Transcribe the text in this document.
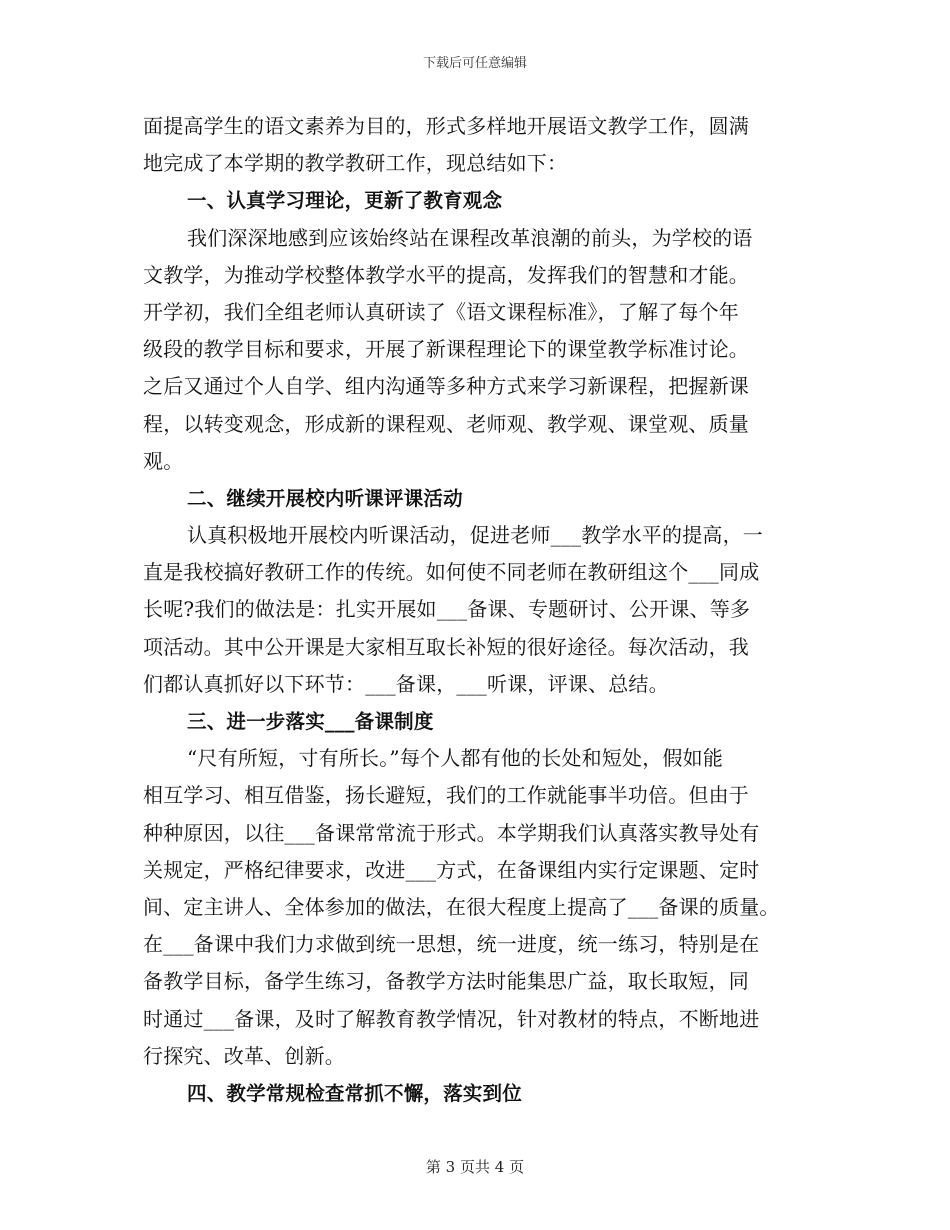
下载后可任意编辑
面提高学生的语文素养为目的，形式多样地开展语文教学工作，圆满
地完成了本学期的教学教研工作，现总结如下：
一、认真学习理论，更新了教育观念
我们深深地感到应该始终站在课程改革浪潮的前头，为学校的语
文教学，为推动学校整体教学水平的提高，发挥我们的智慧和才能。
开学初，我们全组老师认真研读了《语文课程标准》，了解了每个年
级段的教学目标和要求，开展了新课程理论下的课堂教学标准讨论。
之后又通过个人自学、组内沟通等多种方式来学习新课程，把握新课
程，以转变观念，形成新的课程观、老师观、教学观、课堂观、质量
观。
二、继续开展校内听课评课活动
认真积极地开展校内听课活动，促进老师___教学水平的提高，一
直是我校搞好教研工作的传统。如何使不同老师在教研组这个___同成
长呢?我们的做法是：扎实开展如___备课、专题研讨、公开课、等多
项活动。其中公开课是大家相互取长补短的很好途径。每次活动，我
们都认真抓好以下环节：___备课，___听课，评课、总结。
三、进一步落实___备课制度
“尺有所短，寸有所长。”每个人都有他的长处和短处，假如能
相互学习、相互借鉴，扬长避短，我们的工作就能事半功倍。但由于
种种原因，以往___备课常常流于形式。本学期我们认真落实教导处有
关规定，严格纪律要求，改进___方式，在备课组内实行定课题、定时
间、定主讲人、全体参加的做法，在很大程度上提高了___备课的质量。
在___备课中我们力求做到统一思想，统一进度，统一练习，特别是在
备教学目标，备学生练习，备教学方法时能集思广益，取长取短，同
时通过___备课，及时了解教育教学情况，针对教材的特点，不断地进
行探究、改革、创新。
四、教学常规检查常抓不懈，落实到位
第 3 页共 4 页
